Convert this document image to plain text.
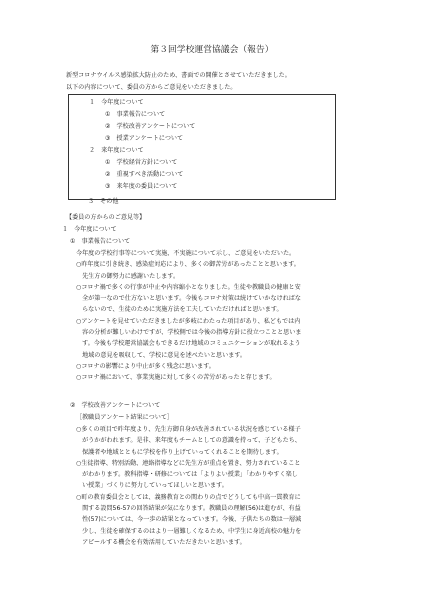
第３回学校運営協議会（報告）
新型コロナウイルス感染拡大防止のため、書面での開催とさせていただきました。
以下の内容について、委員の方からご意見をいただきました。
１　今年度について
①　事業報告について
②　学校改善アンケートについて
③　授業アンケートについて
２　来年度について
①　学校経営方針について
②　重視すべき活動について
③　来年度の委員について
３　その他
【委員の方からのご意見等】
１　今年度について
①　事業報告について
今年度の学校行事等について実施、不実施について示し、ご意見をいただいた。
○昨年度に引き続き、感染症対応により、多くの御苦労があったことと思います。
　先生方の御努力に感謝いたします。
○コロナ禍で多くの行事が中止や内容縮小となりました。生徒や教職員の健康と安
　全が第一なので仕方ないと思います。今後もコロナ対策は続けていかなければな
　らないので、生徒のために実施方法を工夫していただければと思います。
○アンケートを見せていただきましたが多岐にわたった項目があり、私どもでは内
　容の分析が難しいわけですが、学校側では今後の指導方針に役立つことと思いま
　す。今後も学校運営協議会もできるだけ地域のコミュニケーションが取れるよう
　地域の意見を吸収して、学校に意見を述べたいと思います。
○コロナの影響により中止が多く残念に思います。
○コロナ禍において、事業実施に対して多くの苦労があったと存じます。
②　学校改善アンケートについて
［教職員アンケート結果について］
○多くの項目で昨年度より、先生方御自身が改善されている状況を感じている様子
　がうかがわれます。是非、来年度もチームとしての意識を持って、子どもたち、
　保護者や地域とともに学校を作り上げていってくれることを期待します。
○生徒指導、特別活動、連絡指導などに先生方が重点を置き、努力されていること
　がわかります。教科指導・研修については「よりよい授業」「わかりやすく楽し
　い授業」づくりに努力していってほしいと思います。
○町の教育委員会としては、義務教育との関わりの点でどうしても中高一貫教育に
　関する設問56-57の回答結果が気になります。教職員の理解(56)は進むが、有益
　性(57)については、今一歩の結果となっています。今後、子供たちの数は一層減
　少し、生徒を確保するのはより一層難しくなるため、中学生に身近高校の魅力を
　アピールする機会を有効活用していただきたいと思います。
